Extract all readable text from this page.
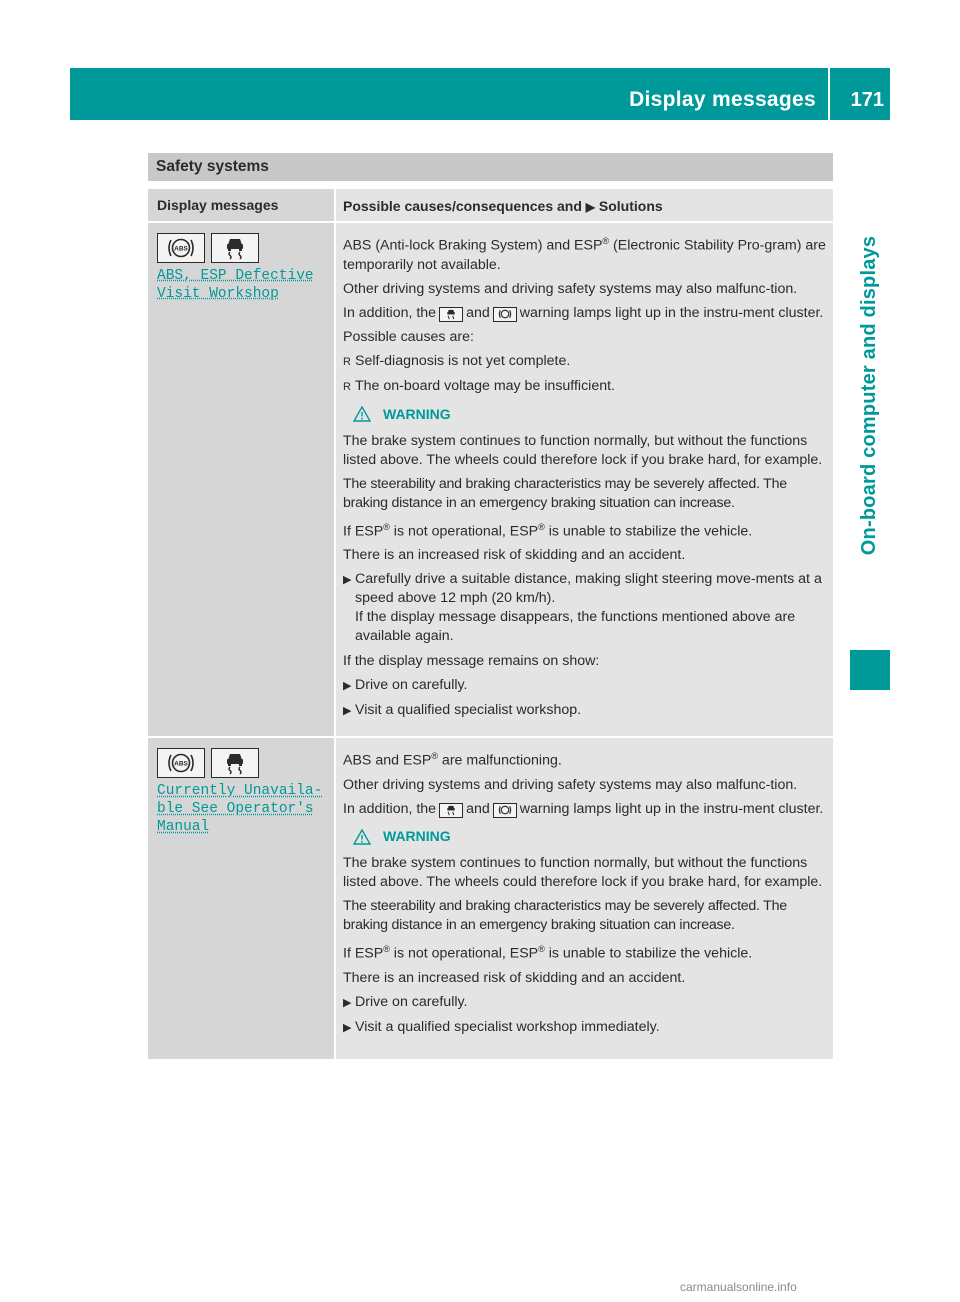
Display messages 171
On-board computer and displays
Safety systems
Display messages	Possible causes/consequences and ▶ Solutions
ABS
ABS, ESP Defective
Visit Workshop

ABS (Anti-lock Braking System) and ESP® (Electronic Stability Pro-gram) are temporarily not available.

Other driving systems and driving safety systems may also malfunc-tion.

In addition, the and warning lamps light up in the instru-ment cluster.

Possible causes are:

R Self-diagnosis is not yet complete.
R The on-board voltage may be insufficient.
WARNING

The brake system continues to function normally, but without the functions listed above. The wheels could therefore lock if you brake hard, for example.

The steerability and braking characteristics may be severely affected. The braking distance in an emergency braking situation can increase.

If ESP® is not operational, ESP® is unable to stabilize the vehicle.

There is an increased risk of skidding and an accident.

▶ Carefully drive a suitable distance, making slight steering move-ments at a speed above 12 mph (20 km/h).
If the display message disappears, the functions mentioned above are available again.

If the display message remains on show:

▶ Drive on carefully.
▶ Visit a qualified specialist workshop.
ABS
Currently Unavaila‐
ble See Operator's
Manual

ABS and ESP® are malfunctioning.

Other driving systems and driving safety systems may also malfunc-tion.

In addition, the and warning lamps light up in the instru-ment cluster.

WARNING

The brake system continues to function normally, but without the functions listed above. The wheels could therefore lock if you brake hard, for example.

The steerability and braking characteristics may be severely affected. The braking distance in an emergency braking situation can increase.

If ESP® is not operational, ESP® is unable to stabilize the vehicle.

There is an increased risk of skidding and an accident.

▶ Drive on carefully.
▶ Visit a qualified specialist workshop immediately.
carmanualsonline.info
